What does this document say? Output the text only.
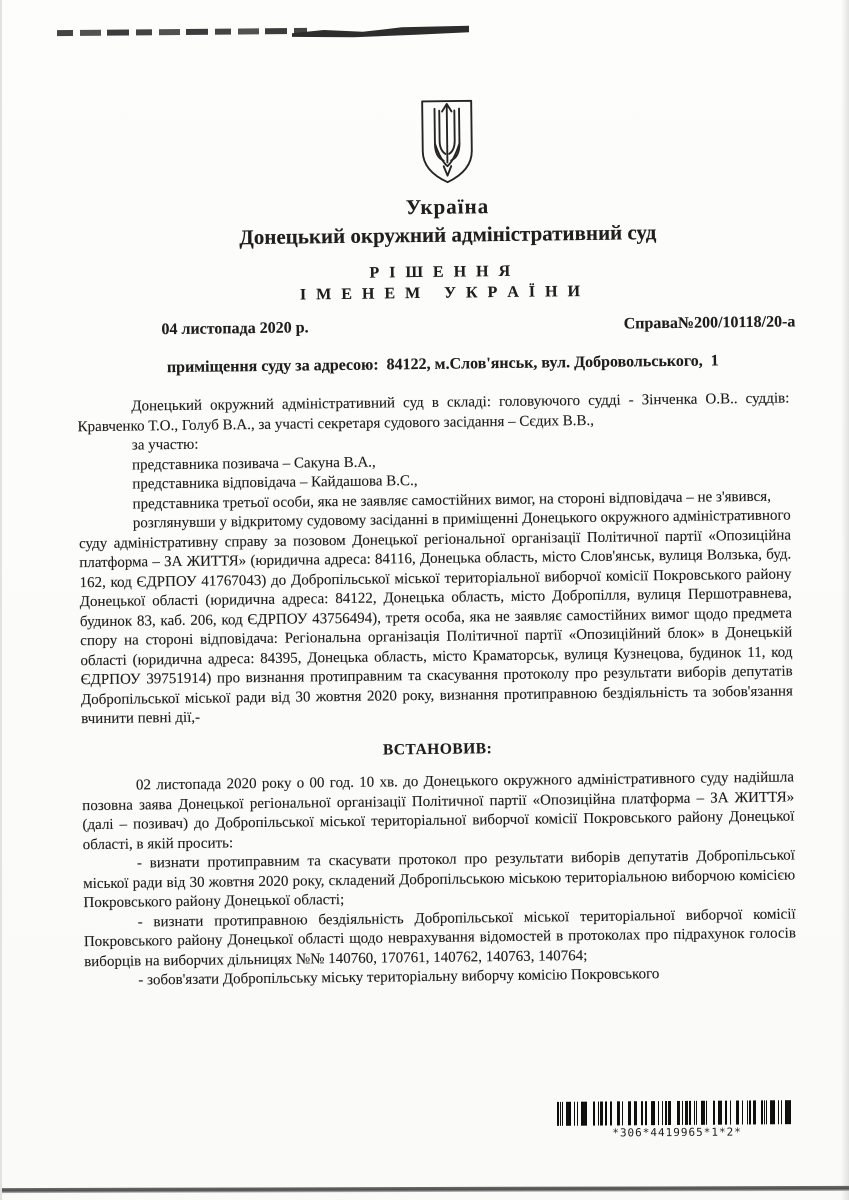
Україна
Донецький окружний адміністративний суд
Р І Ш Е Н Н Я
І М Е Н Е М   У К Р А Ї Н И
04 листопада 2020 р.	Справа№200/10118/20-а
приміщення суду за адресою:  84122, м.Слов'янськ, вул. Добровольського,  1

Донецький окружний адміністративний суд в складі: головуючого судді - Зінченка О.В.. суддів: Кравченко Т.О., Голуб В.А., за участі секретаря судового засідання – Сєдих В.В.,

за участю:

представника позивача – Сакуна В.А.,

представника відповідача – Кайдашова В.С.,

представника третьої особи, яка не заявляє самостійних вимог, на стороні відповідача – не з'явився,

розглянувши у відкритому судовому засіданні в приміщенні Донецького окружного адміністративного суду адміністративну справу за позовом Донецької регіональної організації Політичної партії «Опозиційна платформа – ЗА ЖИТТЯ» (юридична адреса: 84116, Донецька область, місто Слов'янськ, вулиця Волзька, буд. 162, код ЄДРПОУ 41767043) до Добропільської міської територіальної виборчої комісії Покровського району Донецької області (юридична адреса: 84122, Донецька область, місто Добропілля, вулиця Першотравнева, будинок 83, каб. 206, код ЄДРПОУ 43756494), третя особа, яка не заявляє самостійних вимог щодо предмета спору на стороні відповідача: Регіональна організація Політичної партії «Опозиційний блок» в Донецькій області (юридична адреса: 84395, Донецька область, місто Краматорськ, вулиця Кузнецова, будинок 11, код ЄДРПОУ 39751914) про визнання протиправним та скасування протоколу про результати виборів депутатів Добропільської міської ради від 30 жовтня 2020 року, визнання протиправною бездіяльність та зобов'язання вчинити певні дії,-

ВСТАНОВИВ:

02 листопада 2020 року о 00 год. 10 хв. до Донецького окружного адміністративного суду надійшла позовна заява Донецької регіональної організації Політичної партії «Опозиційна платформа – ЗА ЖИТТЯ» (далі – позивач) до Добропільської міської територіальної виборчої комісії Покровського району Донецької області, в якій просить:

- визнати протиправним та скасувати протокол про результати виборів депутатів Добропільської міської ради від 30 жовтня 2020 року, складений Добропільською міською територіальною виборчою комісією Покровського району Донецької області;

- визнати протиправною бездіяльність Добропільської міської територіальної виборчої комісії Покровського району Донецької області щодо неврахування відомостей в протоколах про підрахунок голосів виборців на виборчих дільницях №№ 140760, 170761, 140762, 140763, 140764;

- зобов'язати Добропільську міську територіальну виборчу комісію Покровського

*306*4419965*1*2*
